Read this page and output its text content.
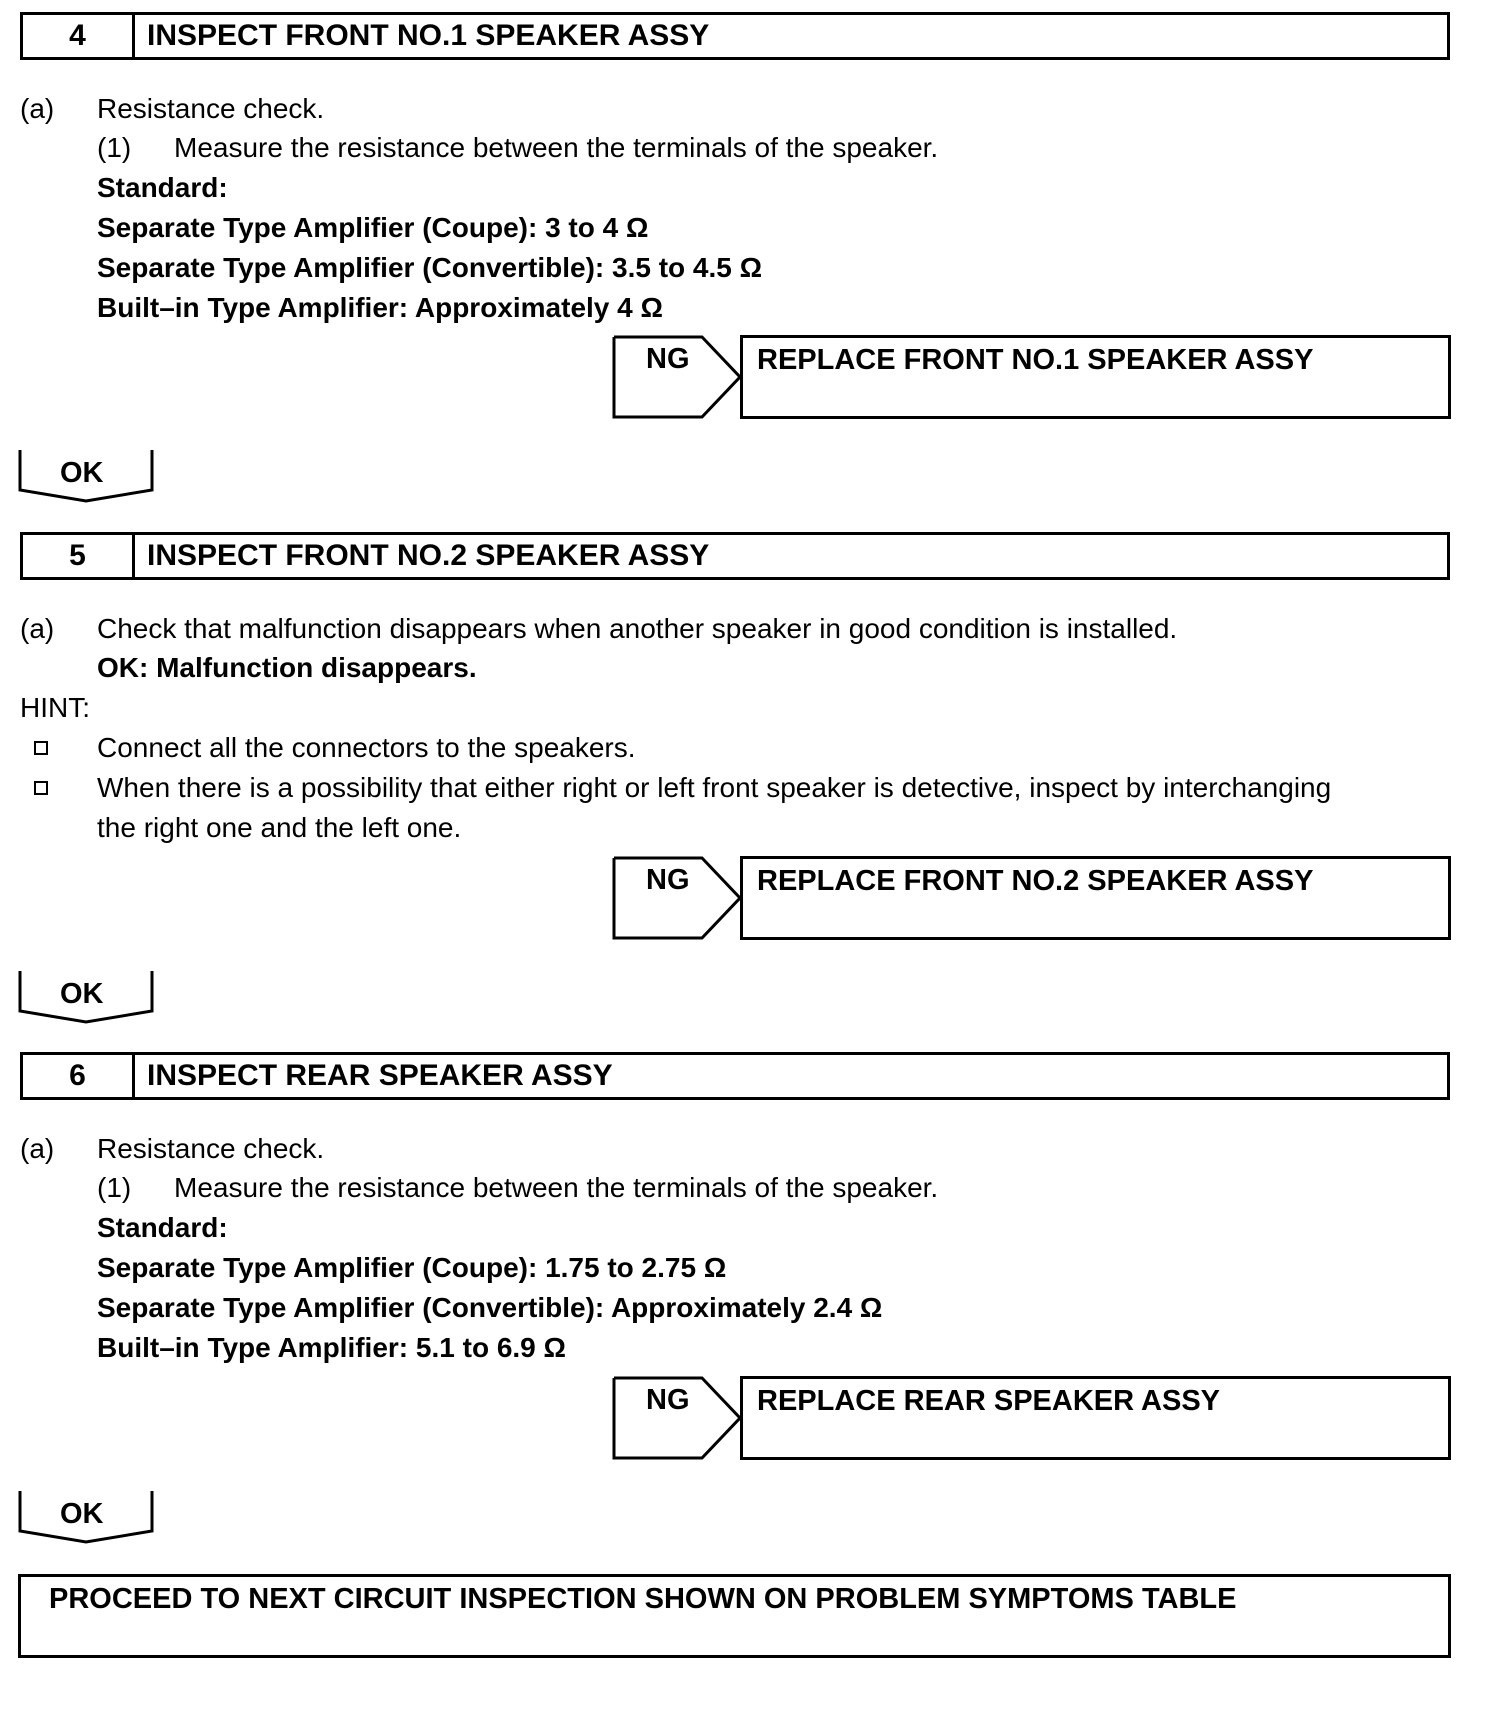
4	INSPECT FRONT NO.1 SPEAKER ASSY
(a) Resistance check.
(1) Measure the resistance between the terminals of the speaker.
Standard:
Separate Type Amplifier (Coupe): 3 to 4 Ω
Separate Type Amplifier (Convertible): 3.5 to 4.5 Ω
Built–in Type Amplifier: Approximately 4 Ω
NG REPLACE FRONT NO.1 SPEAKER ASSY
OK
5	INSPECT FRONT NO.2 SPEAKER ASSY
(a) Check that malfunction disappears when another speaker in good condition is installed.
OK: Malfunction disappears.
HINT:
Connect all the connectors to the speakers.
When there is a possibility that either right or left front speaker is detective, inspect by interchanging
the right one and the left one.
NG REPLACE FRONT NO.2 SPEAKER ASSY
OK
6	INSPECT REAR SPEAKER ASSY
(a) Resistance check.
(1) Measure the resistance between the terminals of the speaker.
Standard:
Separate Type Amplifier (Coupe): 1.75 to 2.75 Ω
Separate Type Amplifier (Convertible): Approximately 2.4 Ω
Built–in Type Amplifier: 5.1 to 6.9 Ω
NG REPLACE REAR SPEAKER ASSY
OK
PROCEED TO NEXT CIRCUIT INSPECTION SHOWN ON PROBLEM SYMPTOMS TABLE
